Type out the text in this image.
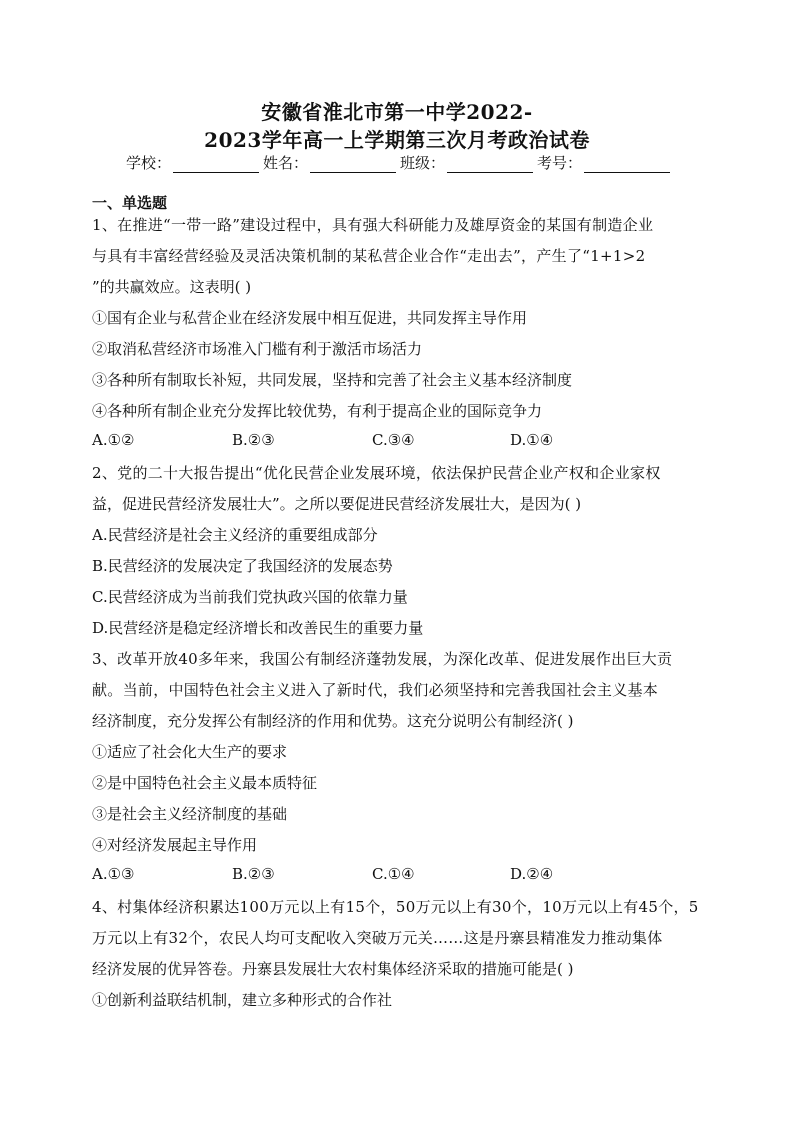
安徽省淮北市第一中学2022-
2023学年高一上学期第三次月考政治试卷
学校：	姓名：	班级：	考号：
一、单选题
1、在推进“一带一路”建设过程中，具有强大科研能力及雄厚资金的某国有制造企业
与具有丰富经营经验及灵活决策机制的某私营企业合作“走出去”，产生了“1+1>2
”的共赢效应。这表明( )
①国有企业与私营企业在经济发展中相互促进，共同发挥主导作用
②取消私营经济市场准入门槛有利于激活市场活力
③各种所有制取长补短，共同发展，坚持和完善了社会主义基本经济制度
④各种所有制企业充分发挥比较优势，有利于提高企业的国际竞争力
A.①②	B.②③	C.③④	D.①④
2、党的二十大报告提出“优化民营企业发展环境，依法保护民营企业产权和企业家权
益，促进民营经济发展壮大”。之所以要促进民营经济发展壮大，是因为( )
A.民营经济是社会主义经济的重要组成部分
B.民营经济的发展决定了我国经济的发展态势
C.民营经济成为当前我们党执政兴国的依靠力量
D.民营经济是稳定经济增长和改善民生的重要力量
3、改革开放40多年来，我国公有制经济蓬勃发展，为深化改革、促进发展作出巨大贡
献。当前，中国特色社会主义进入了新时代，我们必须坚持和完善我国社会主义基本
经济制度，充分发挥公有制经济的作用和优势。这充分说明公有制经济( )
①适应了社会化大生产的要求
②是中国特色社会主义最本质特征
③是社会主义经济制度的基础
④对经济发展起主导作用
A.①③	B.②③	C.①④	D.②④
4、村集体经济积累达100万元以上有15个，50万元以上有30个，10万元以上有45个，5
万元以上有32个，农民人均可支配收入突破万元关……这是丹寨县精准发力推动集体
经济发展的优异答卷。丹寨县发展壮大农村集体经济采取的措施可能是( )
①创新利益联结机制，建立多种形式的合作社
